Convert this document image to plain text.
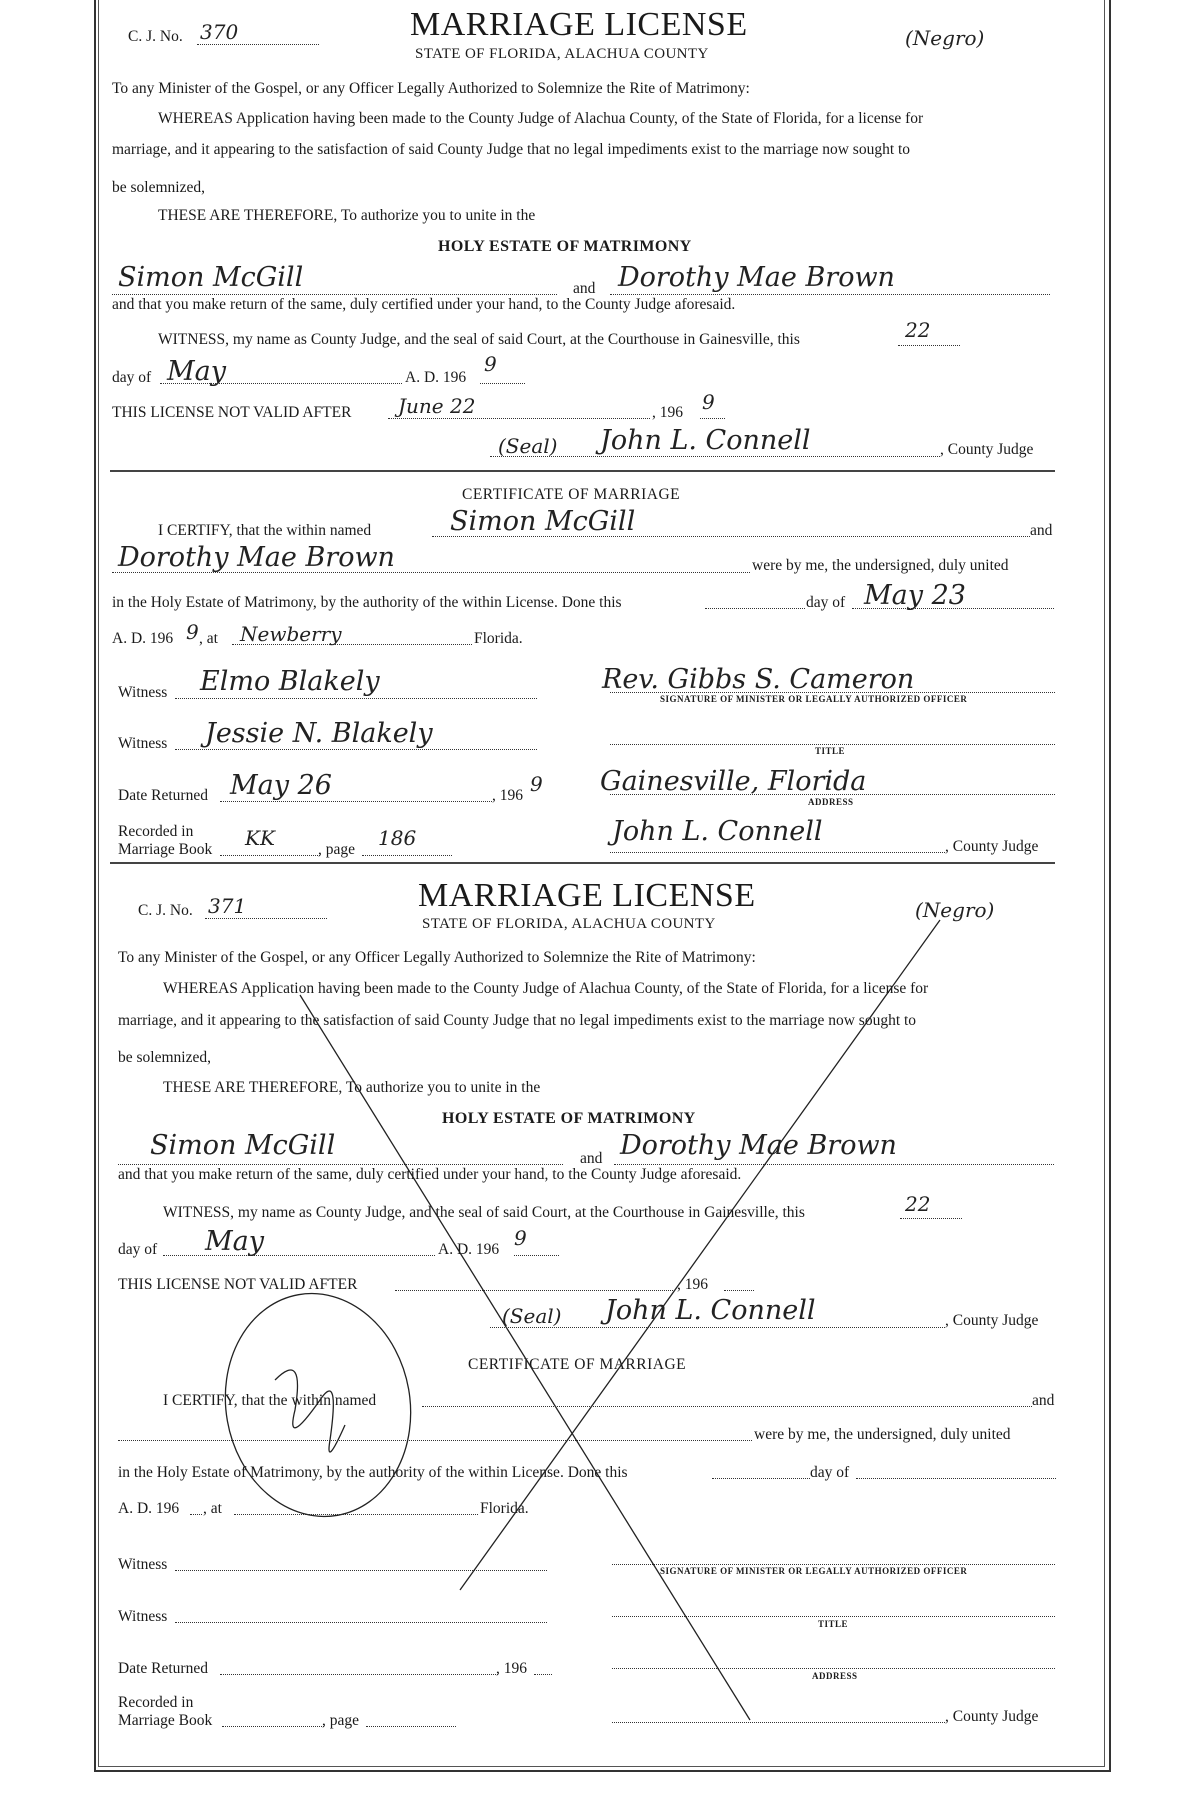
C. J. No. 370	MARRIAGE LICENSE
STATE OF FLORIDA, ALACHUA COUNTY
(Negro)
To any Minister of the Gospel, or any Officer Legally Authorized to Solemnize the Rite of Matrimony:
WHEREAS Application having been made to the County Judge of Alachua County, of the State of Florida, for a license for
marriage, and it appearing to the satisfaction of said County Judge that no legal impediments exist to the marriage now sought to
be solemnized,
THESE ARE THEREFORE, To authorize you to unite in the
HOLY ESTATE OF MATRIMONY
Simon McGill	and Dorothy Mae Brown
and that you make return of the same, duly certified under your hand, to the County Judge aforesaid.
WITNESS, my name as County Judge, and the seal of said Court, at the Courthouse in Gainesville, this	22
day of May	A. D. 196
9
THIS LICENSE NOT VALID AFTER June 22	, 196 9
(Seal) John L. Connell	, County Judge
CERTIFICATE OF MARRIAGE
I CERTIFY, that the within named	Simon McGill	and
Dorothy Mae Brown	were by me, the undersigned, duly united
in the Holy Estate of Matrimony, by the authority of the within License. Done this	day of May 23
A. D. 196 9 , at Newberry	Florida.
Witness Elmo Blakely	Rev. Gibbs S. Cameron
SIGNATURE OF MINISTER OR LEGALLY AUTHORIZED OFFICER
Witness Jessie N. Blakely
TITLE
Date Returned May 26	, 196 9 Gainesville, Florida
ADDRESS
Recorded in
Marriage Book KK	, page 186	John L. Connell	, County Judge
C. J. No. 371	MARRIAGE LICENSE
STATE OF FLORIDA, ALACHUA COUNTY
(Negro)
To any Minister of the Gospel, or any Officer Legally Authorized to Solemnize the Rite of Matrimony:
WHEREAS Application having been made to the County Judge of Alachua County, of the State of Florida, for a license for
marriage, and it appearing to the satisfaction of said County Judge that no legal impediments exist to the marriage now sought to
be solemnized,
THESE ARE THEREFORE, To authorize you to unite in the
HOLY ESTATE OF MATRIMONY
Simon McGill	and Dorothy Mae Brown
and that you make return of the same, duly certified under your hand, to the County Judge aforesaid.
WITNESS, my name as County Judge, and the seal of said Court, at the Courthouse in Gainesville, this	22
day of May	A. D. 196 9
THIS LICENSE NOT VALID AFTER	, 196
(Seal) John L. Connell	, County Judge
CERTIFICATE OF MARRIAGE
I CERTIFY, that the within named	and
were by me, the undersigned, duly united
in the Holy Estate of Matrimony, by the authority of the within License. Done this	day of
A. D. 196 , at	Florida.
Witness	SIGNATURE OF MINISTER OR LEGALLY AUTHORIZED OFFICER
Witness	TITLE
Date Returned	, 196	ADDRESS
Recorded in
Marriage Book	, page	, County Judge
